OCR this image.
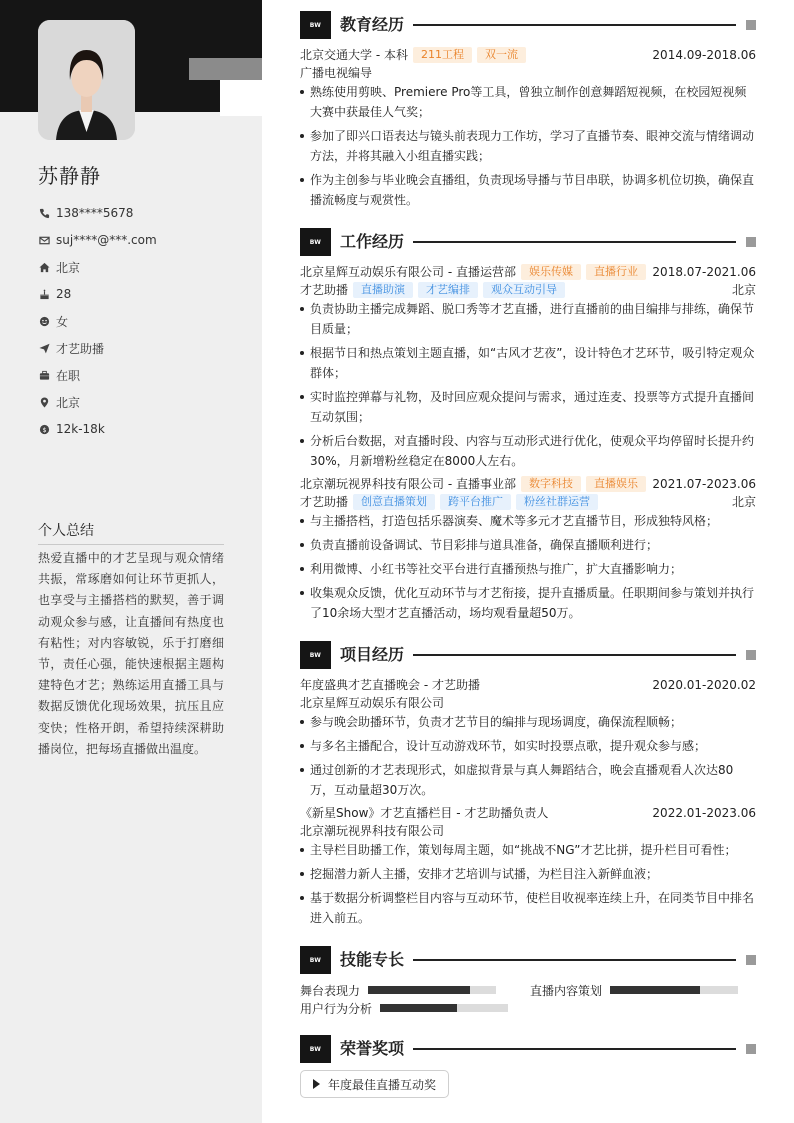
苏静静
138****5678
suj****@***.com
北京
28
女
才艺助播
在职
北京
$ 12k-18k
个人总结
热爱直播中的才艺呈现与观众情绪共振，常琢磨如何让环节更抓人，也享受与主播搭档的默契，善于调动观众参与感，让直播间有热度也有粘性；对内容敏锐，乐于打磨细节，责任心强，能快速根据主题构建特色才艺；熟练运用直播工具与数据反馈优化现场效果，抗压且应变快；性格开朗，希望持续深耕助播岗位，把每场直播做出温度。
BW	教育经历
北京交通大学 - 本科	211工程	双一流	2014.09-2018.06
广播电视编导
熟练使用剪映、Premiere Pro等工具，曾独立制作创意舞蹈短视频，在校园短视频大赛中获最佳人气奖；
参加了即兴口语表达与镜头前表现力工作坊，学习了直播节奏、眼神交流与情绪调动方法，并将其融入小组直播实践；
作为主创参与毕业晚会直播组，负责现场导播与节目串联，协调多机位切换，确保直播流畅度与观赏性。
BW	工作经历
北京星辉互动娱乐有限公司 - 直播运营部	娱乐传媒	直播行业	2018.07-2021.06
才艺助播	直播助演	才艺编排	观众互动引导	北京
负责协助主播完成舞蹈、脱口秀等才艺直播，进行直播前的曲目编排与排练，确保节目质量；
根据节日和热点策划主题直播，如“古风才艺夜”，设计特色才艺环节，吸引特定观众群体；
实时监控弹幕与礼物，及时回应观众提问与需求，通过连麦、投票等方式提升直播间互动氛围；
分析后台数据，对直播时段、内容与互动形式进行优化，使观众平均停留时长提升约30%，月新增粉丝稳定在8000人左右。
北京潮玩视界科技有限公司 - 直播事业部	数字科技	直播娱乐	2021.07-2023.06
才艺助播	创意直播策划	跨平台推广	粉丝社群运营	北京
与主播搭档，打造包括乐器演奏、魔术等多元才艺直播节目，形成独特风格；
负责直播前设备调试、节目彩排与道具准备，确保直播顺利进行；
利用微博、小红书等社交平台进行直播预热与推广，扩大直播影响力；
收集观众反馈，优化互动环节与才艺衔接，提升直播质量。任职期间参与策划并执行了10余场大型才艺直播活动，场均观看量超50万。
BW	项目经历
年度盛典才艺直播晚会 - 才艺助播	2020.01-2020.02
北京星辉互动娱乐有限公司
参与晚会助播环节，负责才艺节目的编排与现场调度，确保流程顺畅；
与多名主播配合，设计互动游戏环节，如实时投票点歌，提升观众参与感；
通过创新的才艺表现形式，如虚拟背景与真人舞蹈结合，晚会直播观看人次达80万，互动量超30万次。
《新星Show》才艺直播栏目 - 才艺助播负责人	2022.01-2023.06
北京潮玩视界科技有限公司
主导栏目助播工作，策划每周主题，如“挑战不NG”才艺比拼，提升栏目可看性；
挖掘潜力新人主播，安排才艺培训与试播，为栏目注入新鲜血液；
基于数据分析调整栏目内容与互动环节，使栏目收视率连续上升，在同类节目中排名进入前五。
BW	技能专长
舞台表现力	直播内容策划
用户行为分析
BW	荣誉奖项
年度最佳直播互动奖
